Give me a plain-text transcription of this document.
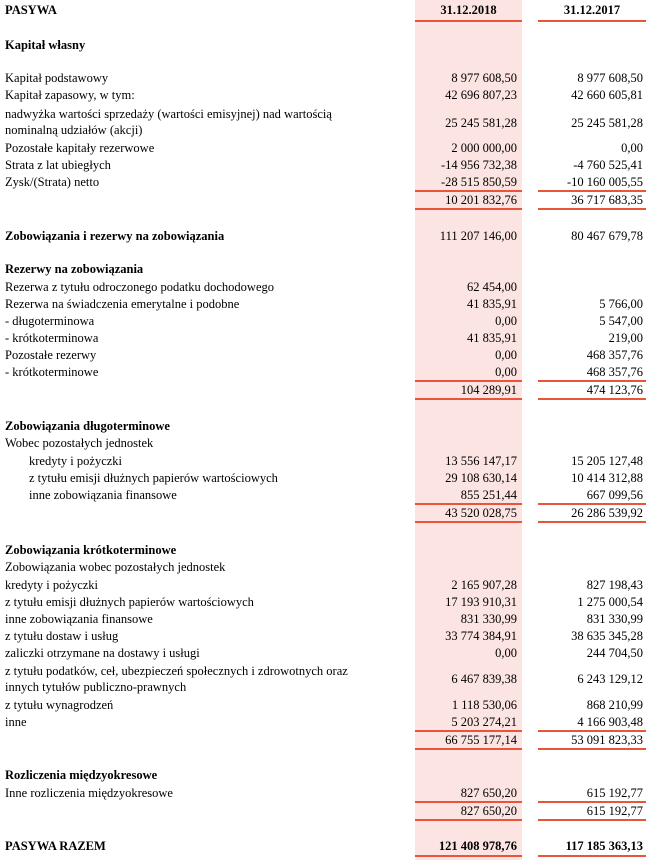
PASYWA	31.12.2018	31.12.2017
Kapitał własny
Kapitał podstawowy	8 977 608,50	8 977 608,50
Kapitał zapasowy, w tym:	42 696 807,23	42 660 605,81
nadwyżka wartości sprzedaży (wartości emisyjnej) nad wartością
nominalną udziałów (akcji)	25 245 581,28	25 245 581,28
Pozostałe kapitały rezerwowe	2 000 000,00	0,00
Strata z lat ubiegłych	-14 956 732,38	-4 760 525,41
Zysk/(Strata) netto	-28 515 850,59	-10 160 005,55
10 201 832,76	36 717 683,35
Zobowiązania i rezerwy na zobowiązania	111 207 146,00	80 467 679,78
Rezerwy na zobowiązania
Rezerwa z tytułu odroczonego podatku dochodowego	62 454,00
Rezerwa na świadczenia emerytalne i podobne	41 835,91	5 766,00
- długoterminowa	0,00	5 547,00
- krótkoterminowa	41 835,91	219,00
Pozostałe rezerwy	0,00	468 357,76
- krótkoterminowe	0,00	468 357,76
104 289,91	474 123,76
Zobowiązania długoterminowe
Wobec pozostałych jednostek
kredyty i pożyczki	13 556 147,17	15 205 127,48
z tytułu emisji dłużnych papierów wartościowych	29 108 630,14	10 414 312,88
inne zobowiązania finansowe	855 251,44	667 099,56
43 520 028,75	26 286 539,92
Zobowiązania krótkoterminowe
Zobowiązania wobec pozostałych jednostek
kredyty i pożyczki	2 165 907,28	827 198,43
z tytułu emisji dłużnych papierów wartościowych	17 193 910,31	1 275 000,54
inne zobowiązania finansowe	831 330,99	831 330,99
z tytułu dostaw i usług	33 774 384,91	38 635 345,28
zaliczki otrzymane na dostawy i usługi	0,00	244 704,50
z tytułu podatków, ceł, ubezpieczeń społecznych i zdrowotnych oraz
innych tytułów publiczno-prawnych
6 467 839,38	6 243 129,12
z tytułu wynagrodzeń	1 118 530,06	868 210,99
inne	5 203 274,21	4 166 903,48
66 755 177,14	53 091 823,33
Rozliczenia międzyokresowe
Inne rozliczenia międzyokresowe	827 650,20	615 192,77
827 650,20	615 192,77
PASYWA RAZEM	121 408 978,76	117 185 363,13
